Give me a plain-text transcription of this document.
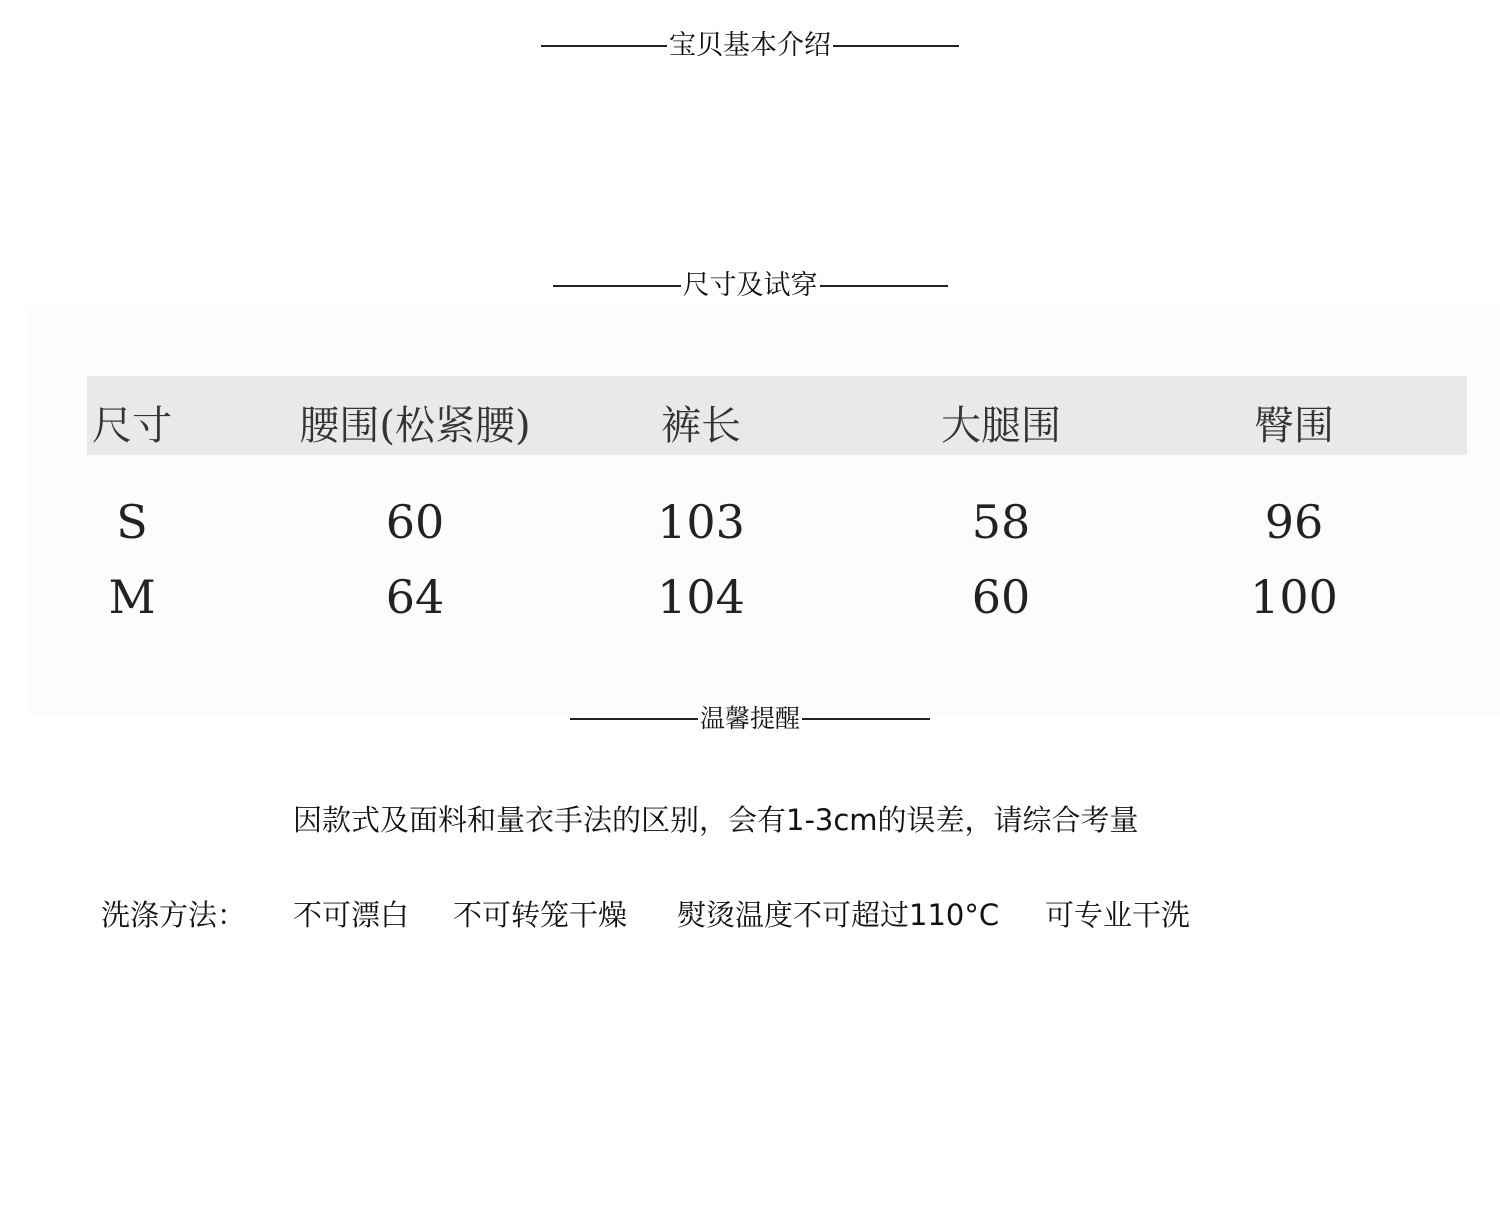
宝贝基本介绍
尺寸及试穿
尺寸	腰围(松紧腰)	裤长	大腿围	臀围
S	60	103	58	96
M	64	104	60	100
温馨提醒
因款式及面料和量衣手法的区别，会有1-3cm的误差，请综合考量
洗涤方法： 不可漂白 不可转笼干燥 熨烫温度不可超过110°C 可专业干洗
